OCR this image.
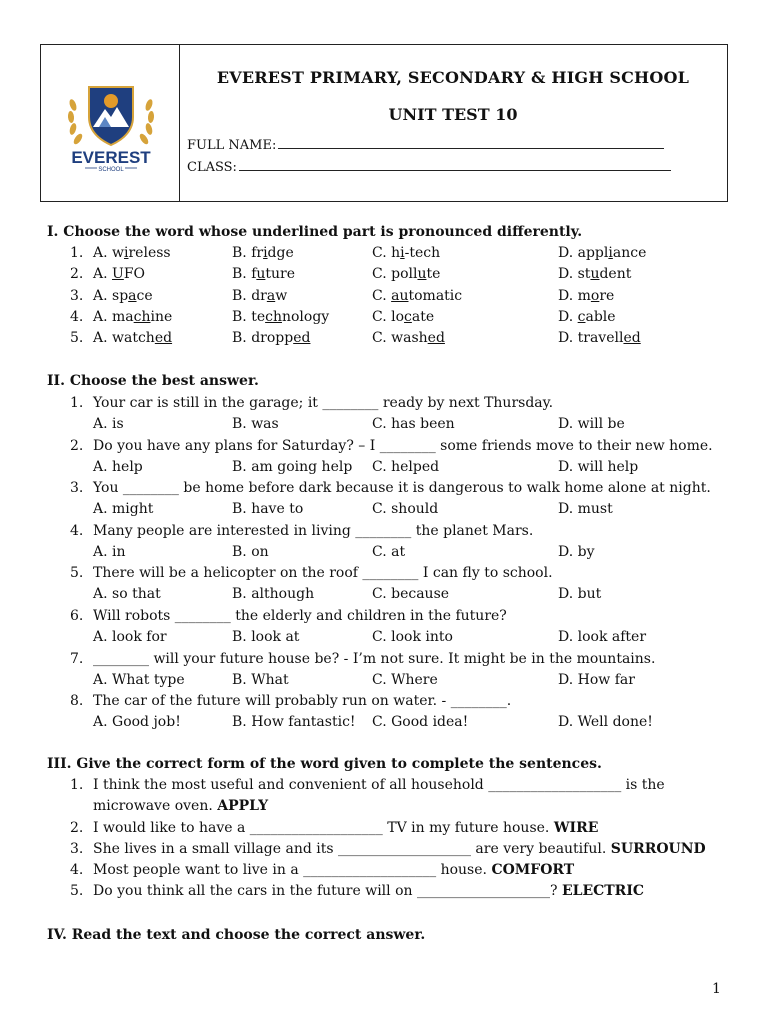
EVEREST
SCHOOL
EVEREST PRIMARY, SECONDARY & HIGH SCHOOL
UNIT TEST 10
FULL NAME:
CLASS:
I. Choose the word whose underlined part is pronounced differently.
1. A. wireless	B. fridge	C. hi-tech	D. appliance
2. A. UFO	B. future	C. pollute	D. student
3. A. space	B. draw	C. automatic	D. more
4. A. machine	B. technology	C. locate	D. cable
5. A. watched	B. dropped	C. washed	D. travelled
II. Choose the best answer.
1. Your car is still in the garage; it ________ ready by next Thursday.
A. is	B. was	C. has been	D. will be
2. Do you have any plans for Saturday? – I ________ some friends move to their new home.
A. help	B. am going help C. helped	D. will help
3. You ________ be home before dark because it is dangerous to walk home alone at night.
A. might	B. have to	C. should	D. must
4. Many people are interested in living ________ the planet Mars.
A. in	B. on	C. at	D. by
5. There will be a helicopter on the roof ________ I can fly to school.
A. so that	B. although	C. because	D. but
6. Will robots ________ the elderly and children in the future?
A. look for	B. look at	C. look into	D. look after
7. ________ will your future house be? - I’m not sure. It might be in the mountains.
A. What type	B. What	C. Where	D. How far
8. The car of the future will probably run on water. - ________.
A. Good job!	B. How fantastic! C. Good idea!	D. Well done!
III. Give the correct form of the word given to complete the sentences.
1. I think the most useful and convenient of all household ___________________ is the
microwave oven. APPLY
2. I would like to have a ___________________ TV in my future house. WIRE
3. She lives in a small village and its ___________________ are very beautiful. SURROUND
4. Most people want to live in a ___________________ house. COMFORT
5. Do you think all the cars in the future will on ___________________? ELECTRIC
IV. Read the text and choose the correct answer.
1
